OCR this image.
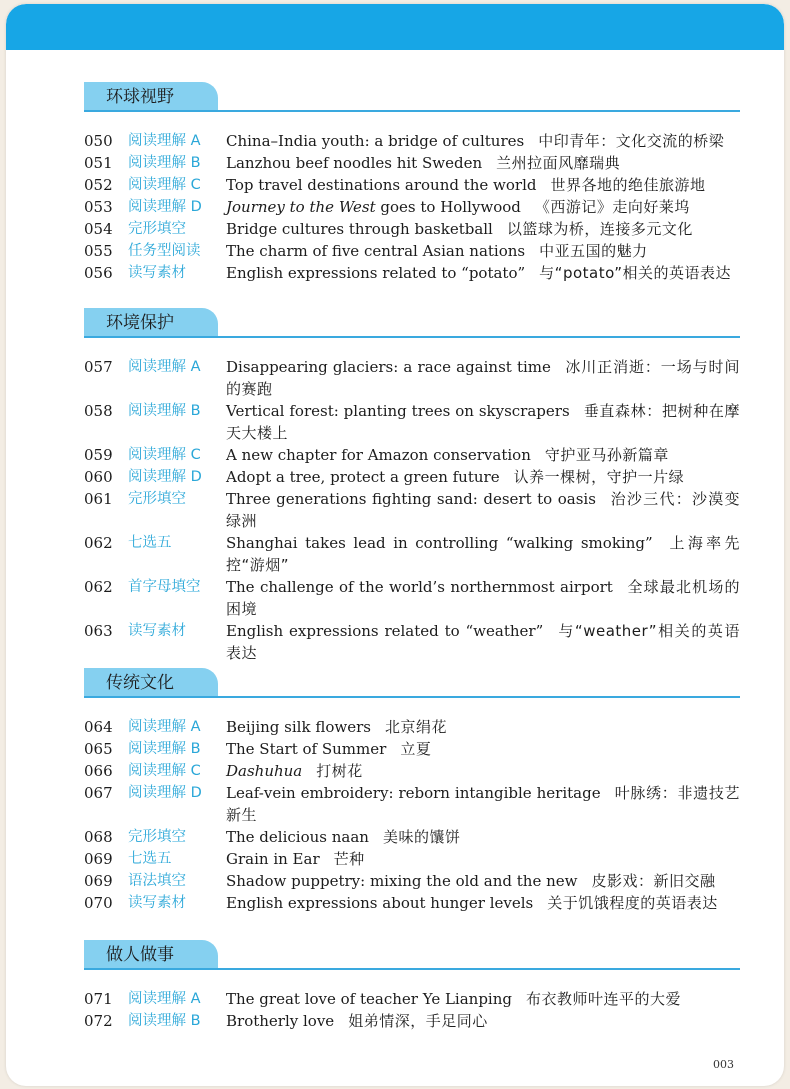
环球视野
050	阅读理解 A	China–India youth: a bridge of cultures 中印青年：文化交流的桥梁
051	阅读理解 B	Lanzhou beef noodles hit Sweden 兰州拉面风靡瑞典
052	阅读理解 C	Top travel destinations around the world 世界各地的绝佳旅游地
053	阅读理解 D	Journey to the West goes to Hollywood 《西游记》走向好莱坞
054	完形填空	Bridge cultures through basketball 以篮球为桥，连接多元文化
055	任务型阅读	The charm of five central Asian nations 中亚五国的魅力
056	读写素材	English expressions related to “potato” 与“potato”相关的英语表达
环境保护
057	阅读理解 A	Disappearing glaciers: a race against time 冰川正消逝：一场与时间的赛跑
058	阅读理解 B	Vertical forest: planting trees on skyscrapers 垂直森林：把树种在摩天大楼上
059	阅读理解 C	A new chapter for Amazon conservation 守护亚马孙新篇章
060	阅读理解 D	Adopt a tree, protect a green future 认养一棵树，守护一片绿
061	完形填空	Three generations fighting sand: desert to oasis 治沙三代：沙漠变绿洲
062	七选五	Shanghai takes lead in controlling “walking smoking” 上海率先控“游烟”
062	首字母填空	The challenge of the world’s northernmost airport 全球最北机场的困境
063	读写素材	English expressions related to “weather” 与“weather”相关的英语表达
传统文化
064	阅读理解 A	Beijing silk flowers 北京绢花
065	阅读理解 B	The Start of Summer 立夏
066	阅读理解 C	Dashuhua 打树花
067	阅读理解 D	Leaf-vein embroidery: reborn intangible heritage 叶脉绣：非遗技艺新生
068	完形填空	The delicious naan 美味的馕饼
069	七选五	Grain in Ear 芒种
069	语法填空	Shadow puppetry: mixing the old and the new 皮影戏：新旧交融
070	读写素材	English expressions about hunger levels 关于饥饿程度的英语表达
做人做事
071	阅读理解 A	The great love of teacher Ye Lianping 布衣教师叶连平的大爱
072	阅读理解 B	Brotherly love 姐弟情深，手足同心
003
